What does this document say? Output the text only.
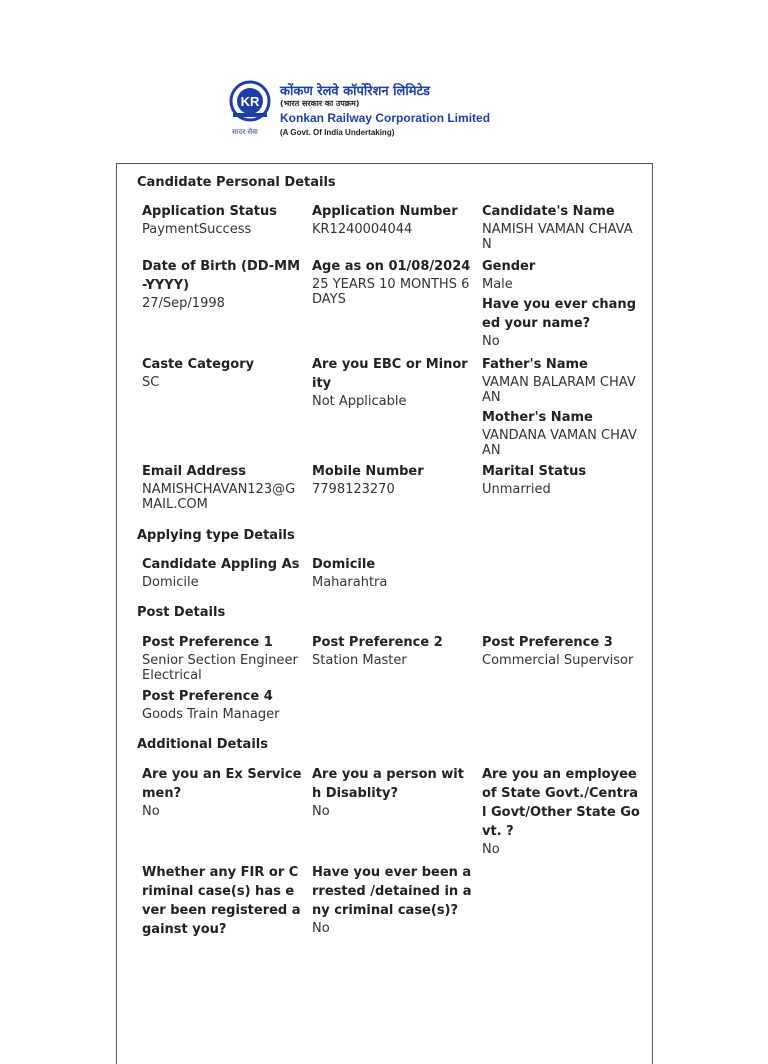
KR
सादर सेवा
कोंकण रेलवे कॉर्पोरेशन लिमिटेड
(भारत सरकार का उपक्रम)
Konkan Railway Corporation Limited
(A Govt. Of India Undertaking)
Candidate Personal Details
Application Status
PaymentSuccess
Application Number
KR1240004044
Candidate's Name
NAMISH VAMAN CHAVAN
Date of Birth (DD-MM-YYYY)
27/Sep/1998
Age as on 01/08/2024
25 YEARS 10 MONTHS 6 DAYS
Gender
Male
Have you ever changed your name?
No
Caste Category
SC
Are you EBC or Minority
Not Applicable
Father's Name
VAMAN BALARAM CHAVAN
Mother's Name
VANDANA VAMAN CHAVAN
Email Address
NAMISHCHAVAN123@GMAIL.COM
Mobile Number
7798123270
Marital Status
Unmarried
Applying type Details
Candidate Appling As
Domicile
Domicile
Maharahtra
Post Details
Post Preference 1
Senior Section Engineer Electrical
Post Preference 2
Station Master
Post Preference 3
Commercial Supervisor
Post Preference 4
Goods Train Manager
Additional Details
Are you an Ex Servicemen?
No
Are you a person with Disablity?
No
Are you an employee of State Govt./Central Govt/Other State Govt. ?
No
Whether any FIR or Criminal case(s) has ever been registered against you?
Have you ever been arrested /detained in any criminal case(s)?
No
